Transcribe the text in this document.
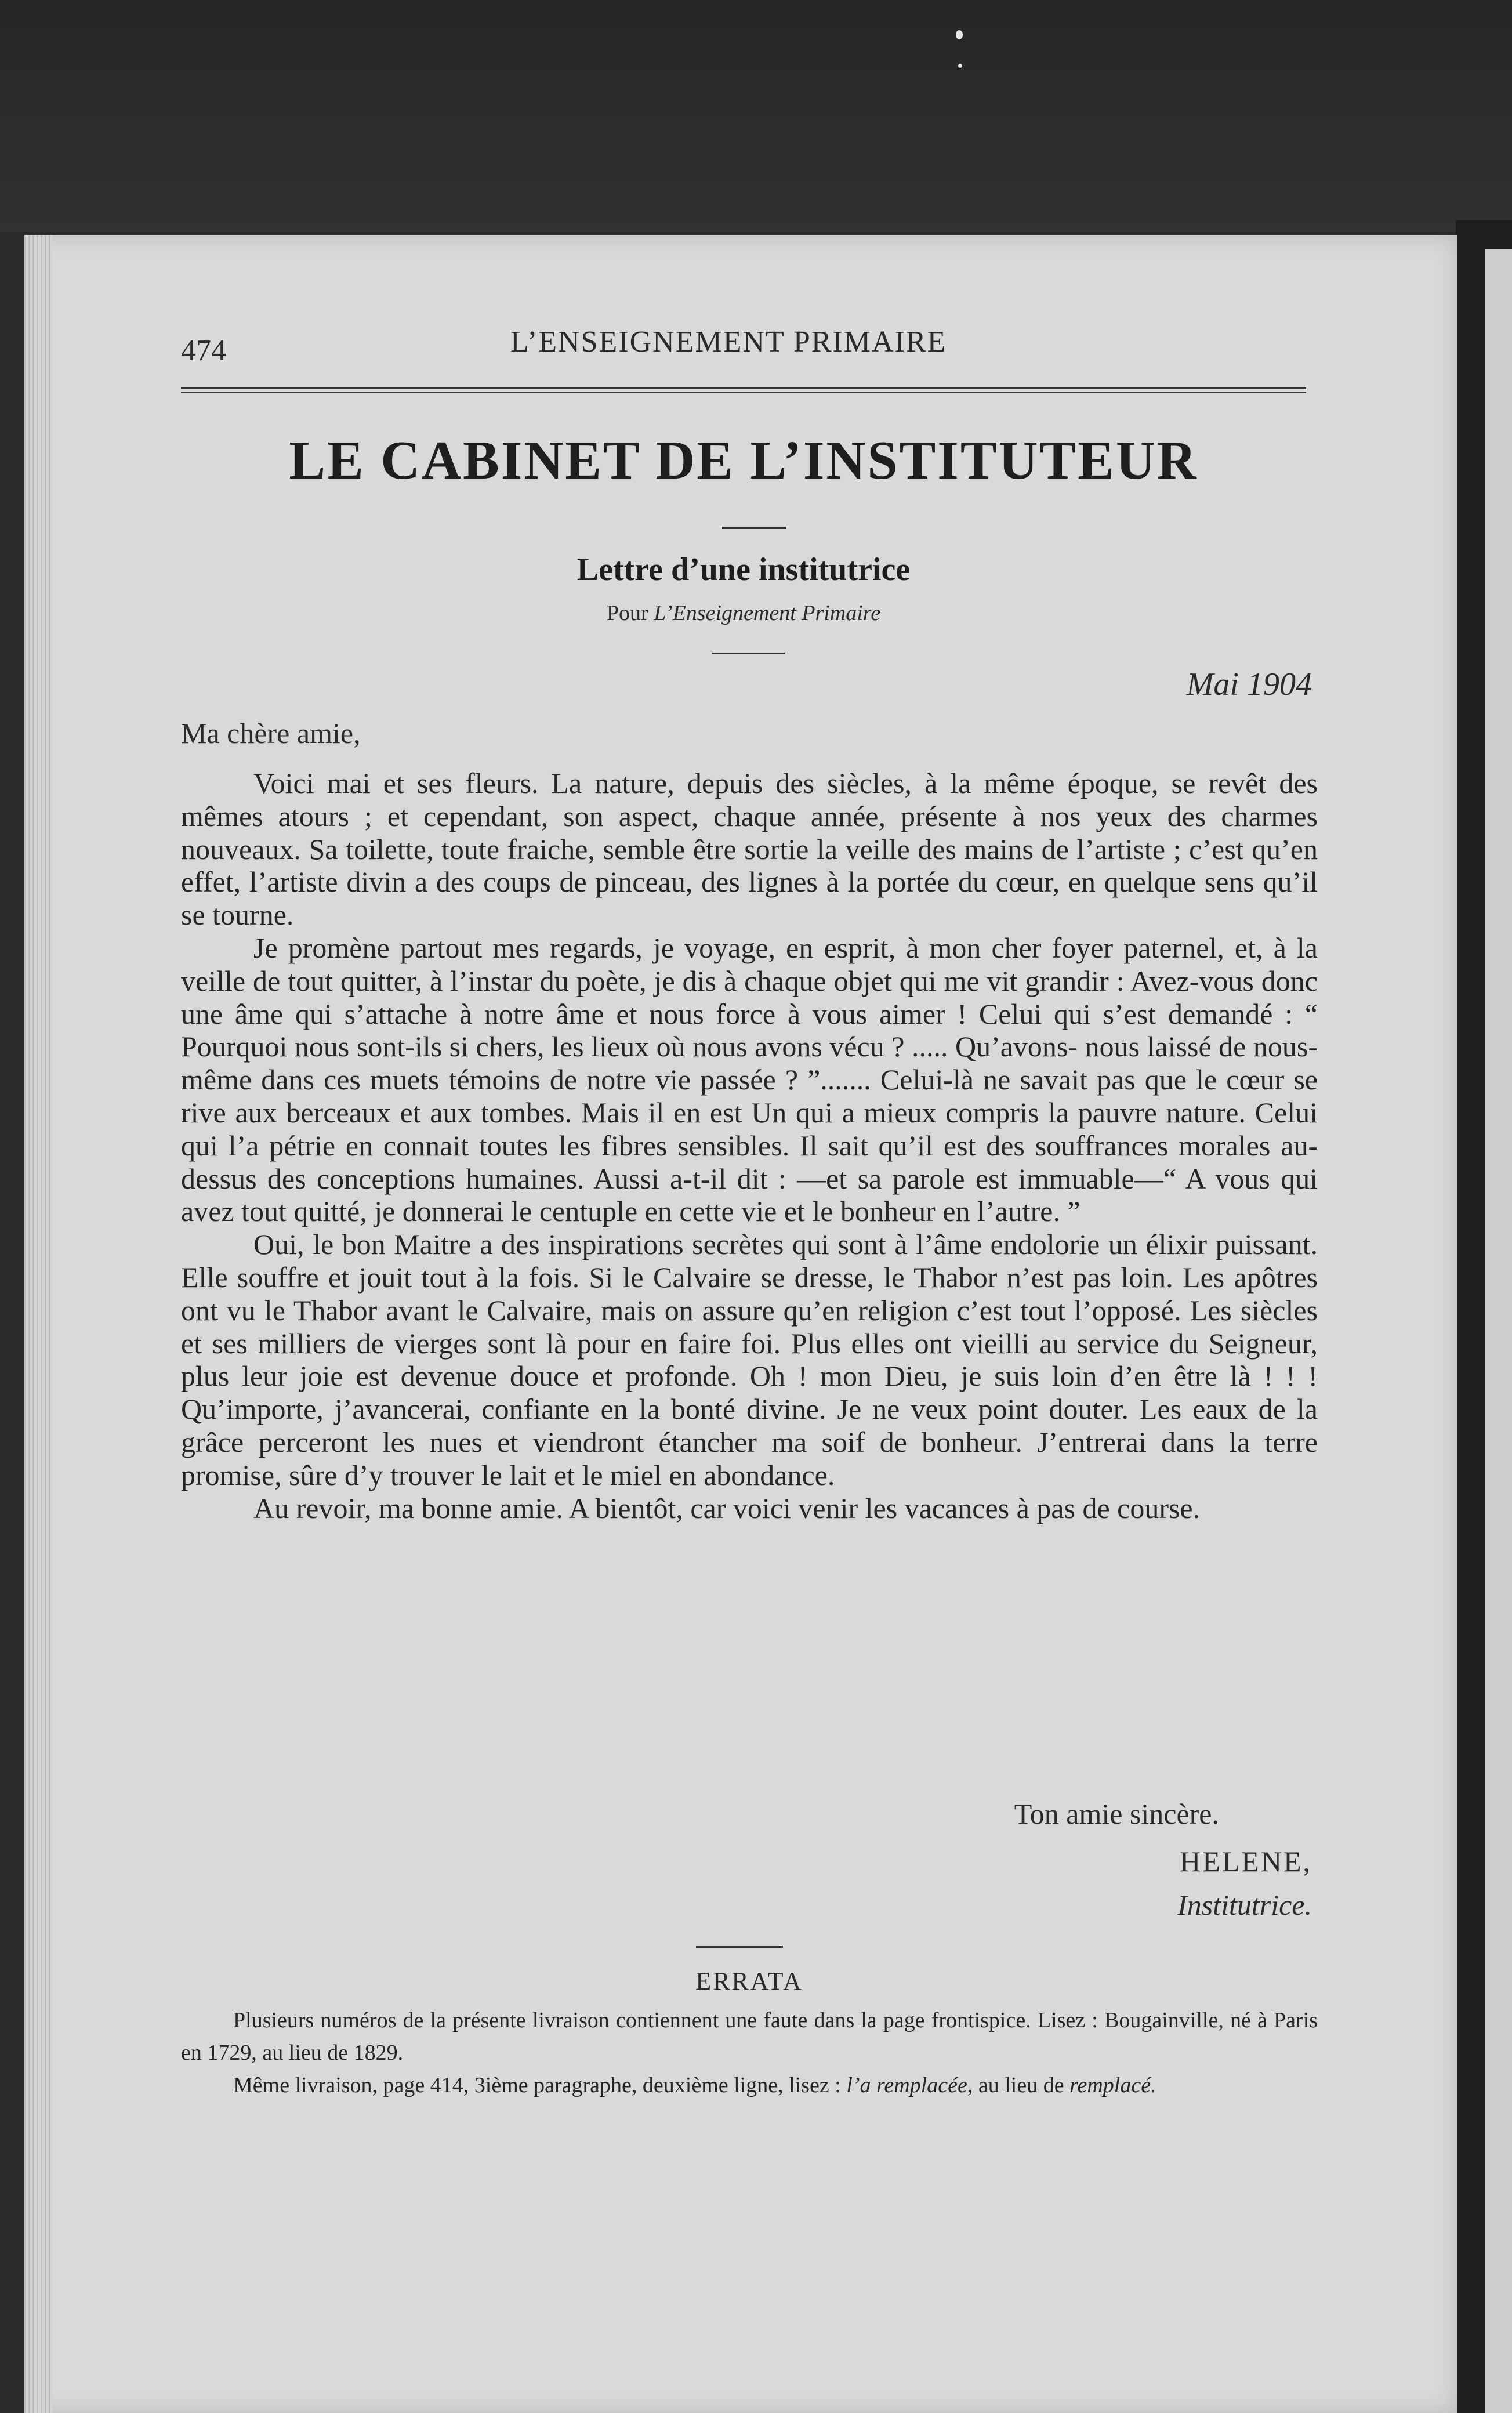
474	L’ENSEIGNEMENT PRIMAIRE
LE CABINET DE L’INSTITUTEUR
Lettre d’une institutrice
Pour L’Enseignement Primaire
Mai 1904
Ma chère amie,

Voici mai et ses fleurs. La nature, depuis des siècles, à la même époque, se revêt des mêmes atours ; et cependant, son aspect, chaque année, présente à nos yeux des charmes nouveaux. Sa toilette, toute fraiche, semble être sortie la veille des mains de l’artiste ; c’est qu’en effet, l’artiste divin a des coups de pinceau, des lignes à la portée du cœur, en quelque sens qu’il se tourne.

Je promène partout mes regards, je voyage, en esprit, à mon cher foyer paternel, et, à la veille de tout quitter, à l’instar du poète, je dis à chaque objet qui me vit grandir : Avez-vous donc une âme qui s’attache à notre âme et nous force à vous aimer ! Celui qui s’est demandé : “ Pourquoi nous sont-ils si chers, les lieux où nous avons vécu ? ..... Qu’avons- nous laissé de nous-même dans ces muets témoins de notre vie passée ? ”....... Celui-là ne savait pas que le cœur se rive aux berceaux et aux tombes. Mais il en est Un qui a mieux compris la pauvre nature. Celui qui l’a pétrie en connait toutes les fibres sensibles. Il sait qu’il est des souffrances morales au-dessus des conceptions humaines. Aussi a-t-il dit : —et sa parole est immuable—“ A vous qui avez tout quitté, je donnerai le centuple en cette vie et le bonheur en l’autre. ”

Oui, le bon Maitre a des inspirations secrètes qui sont à l’âme endolorie un élixir puissant. Elle souffre et jouit tout à la fois. Si le Calvaire se dresse, le Thabor n’est pas loin. Les apôtres ont vu le Thabor avant le Calvaire, mais on assure qu’en religion c’est tout l’opposé. Les siècles et ses milliers de vierges sont là pour en faire foi. Plus elles ont vieilli au service du Seigneur, plus leur joie est devenue douce et profonde. Oh ! mon Dieu, je suis loin d’en être là ! ! ! Qu’importe, j’avancerai, confiante en la bonté divine. Je ne veux point douter. Les eaux de la grâce perceront les nues et viendront étancher ma soif de bonheur. J’entrerai dans la terre promise, sûre d’y trouver le lait et le miel en abondance.

Au revoir, ma bonne amie. A bientôt, car voici venir les vacances à pas de course.

Ton amie sincère.
HELENE,
Institutrice.
ERRATA

Plusieurs numéros de la présente livraison contiennent une faute dans la page frontispice. Lisez : Bougainville, né à Paris en 1729, au lieu de 1829.

Même livraison, page 414, 3ième paragraphe, deuxième ligne, lisez : l’a remplacée, au lieu de remplacé.
